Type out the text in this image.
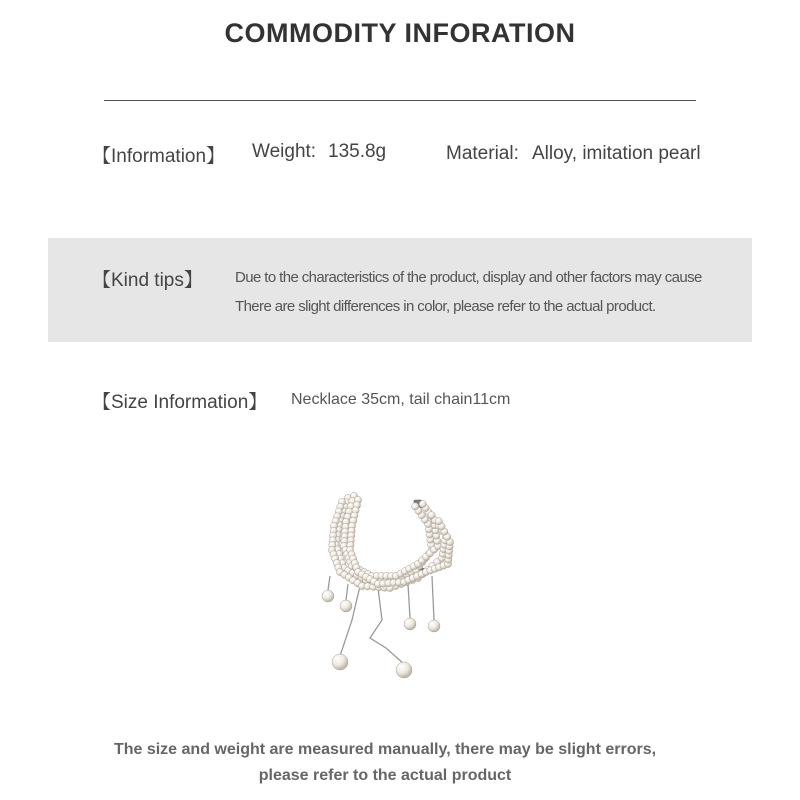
COMMODITY INFORATION
【Information】 Weight: 135.8g	Material: Alloy, imitation pearl
【Kind tips】 Due to the characteristics of the product, display and other factors may cause
There are slight differences in color, please refer to the actual product.
【Size Information】 Necklace 35cm, tail chain11cm
The size and weight are measured manually, there may be slight errors,
please refer to the actual product
